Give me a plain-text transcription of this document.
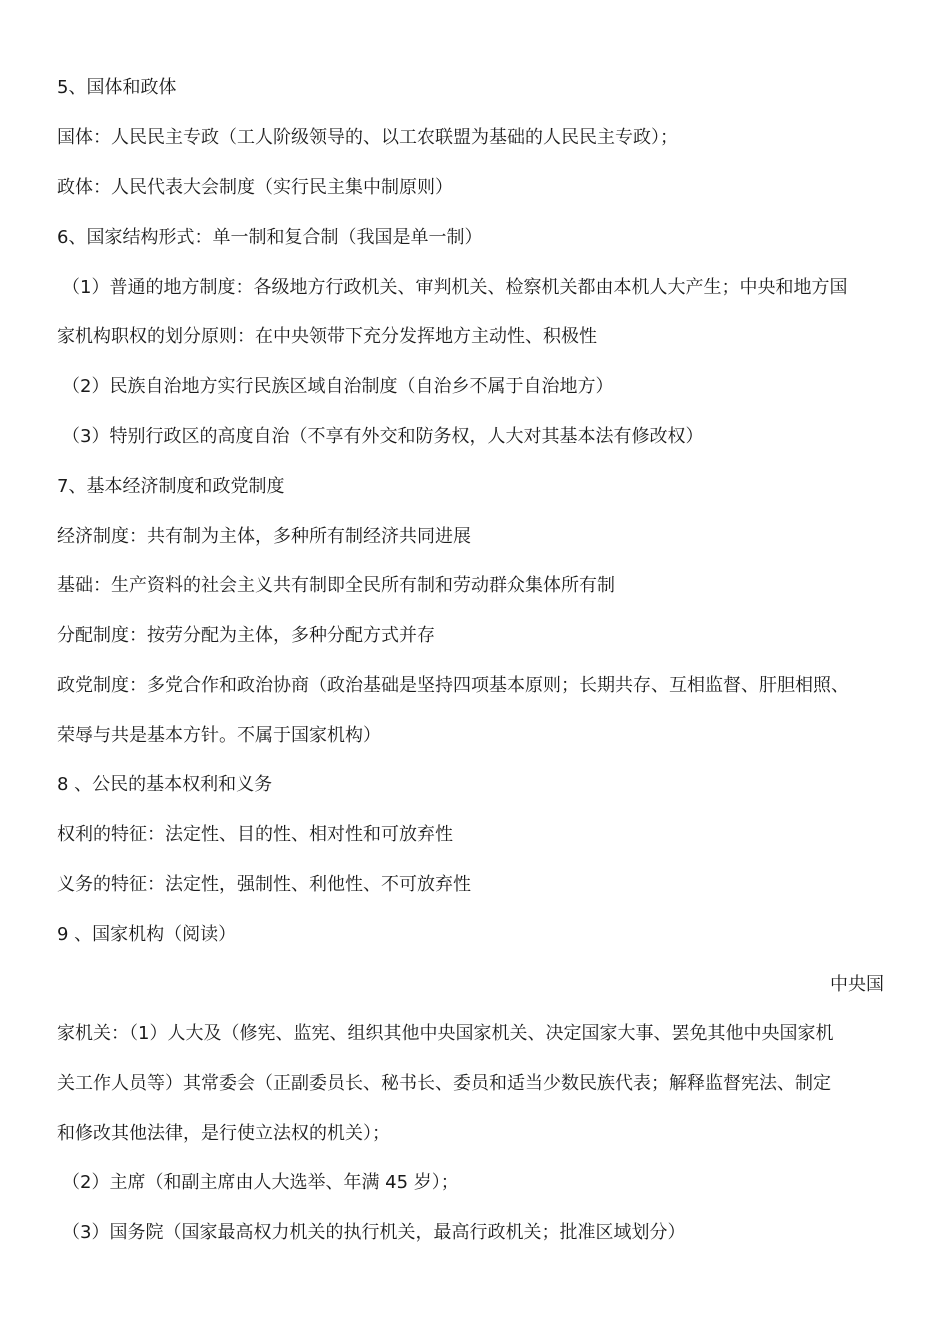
5、国体和政体
国体：人民民主专政（工人阶级领导的、以工农联盟为基础的人民民主专政）；
政体：人民代表大会制度（实行民主集中制原则）
6、国家结构形式：单一制和复合制（我国是单一制）
（1）普通的地方制度：各级地方行政机关、审判机关、检察机关都由本机人大产生；中央和地方国
家机构职权的划分原则：在中央领带下充分发挥地方主动性、积极性
（2）民族自治地方实行民族区域自治制度（自治乡不属于自治地方）
（3）特别行政区的高度自治（不享有外交和防务权，人大对其基本法有修改权）
7、基本经济制度和政党制度
经济制度：共有制为主体，多种所有制经济共同进展
基础：生产资料的社会主义共有制即全民所有制和劳动群众集体所有制
分配制度：按劳分配为主体，多种分配方式并存
政党制度：多党合作和政治协商（政治基础是坚持四项基本原则；长期共存、互相监督、肝胆相照、
荣辱与共是基本方针。不属于国家机构）
8 、公民的基本权利和义务
权利的特征：法定性、目的性、相对性和可放弃性
义务的特征：法定性，强制性、利他性、不可放弃性
9 、国家机构（阅读）
中央国
家机关：（1）人大及（修宪、监宪、组织其他中央国家机关、决定国家大事、罢免其他中央国家机
关工作人员等）其常委会（正副委员长、秘书长、委员和适当少数民族代表；解释监督宪法、制定
和修改其他法律，是行使立法权的机关）；
（2）主席（和副主席由人大选举、年满 45 岁）；
（3）国务院（国家最高权力机关的执行机关，最高行政机关；批准区域划分）
